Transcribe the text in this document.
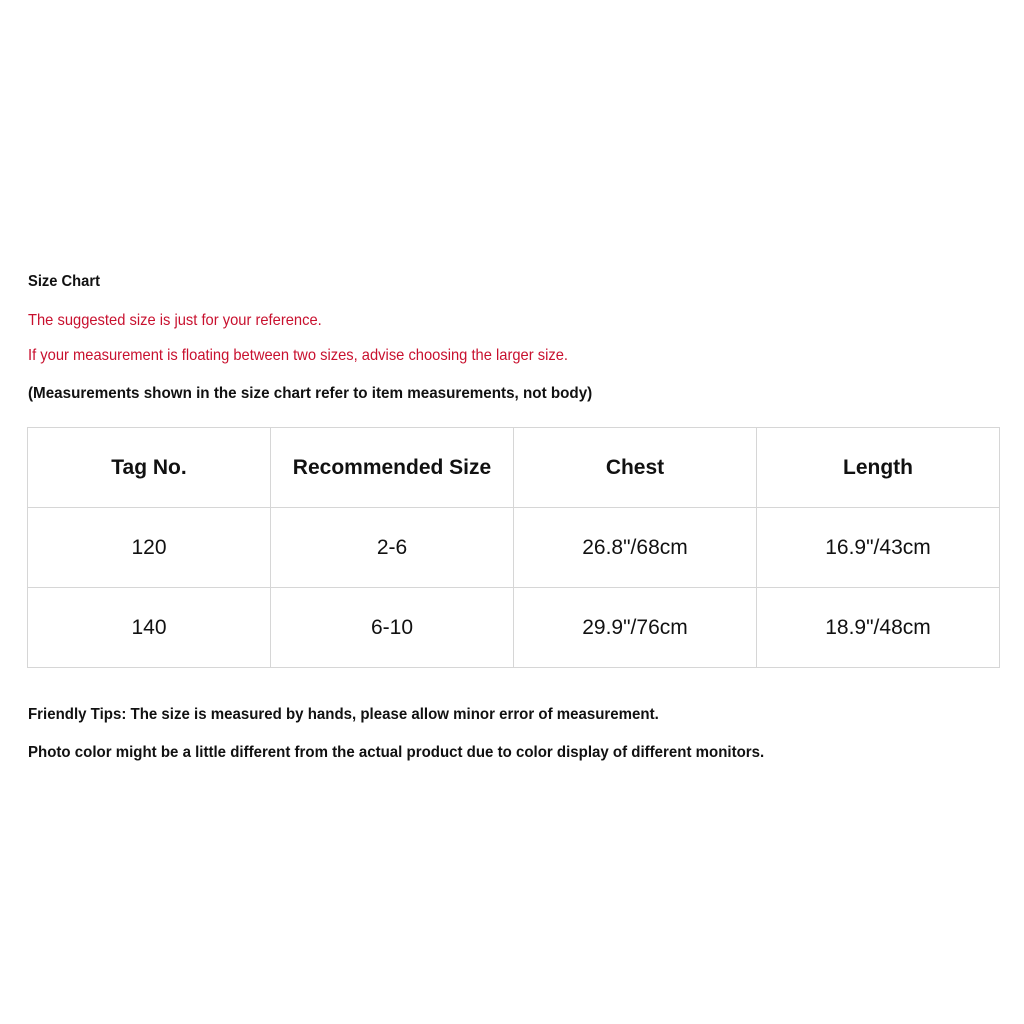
Size Chart
The suggested size is just for your reference.
If your measurement is floating between two sizes, advise choosing the larger size.
(Measurements shown in the size chart refer to item measurements, not body)
Tag No.	Recommended Size	Chest	Length
120	2-6	26.8"/68cm	16.9"/43cm
140	6-10	29.9"/76cm	18.9"/48cm
Friendly Tips: The size is measured by hands, please allow minor error of measurement.
Photo color might be a little different from the actual product due to color display of different monitors.
